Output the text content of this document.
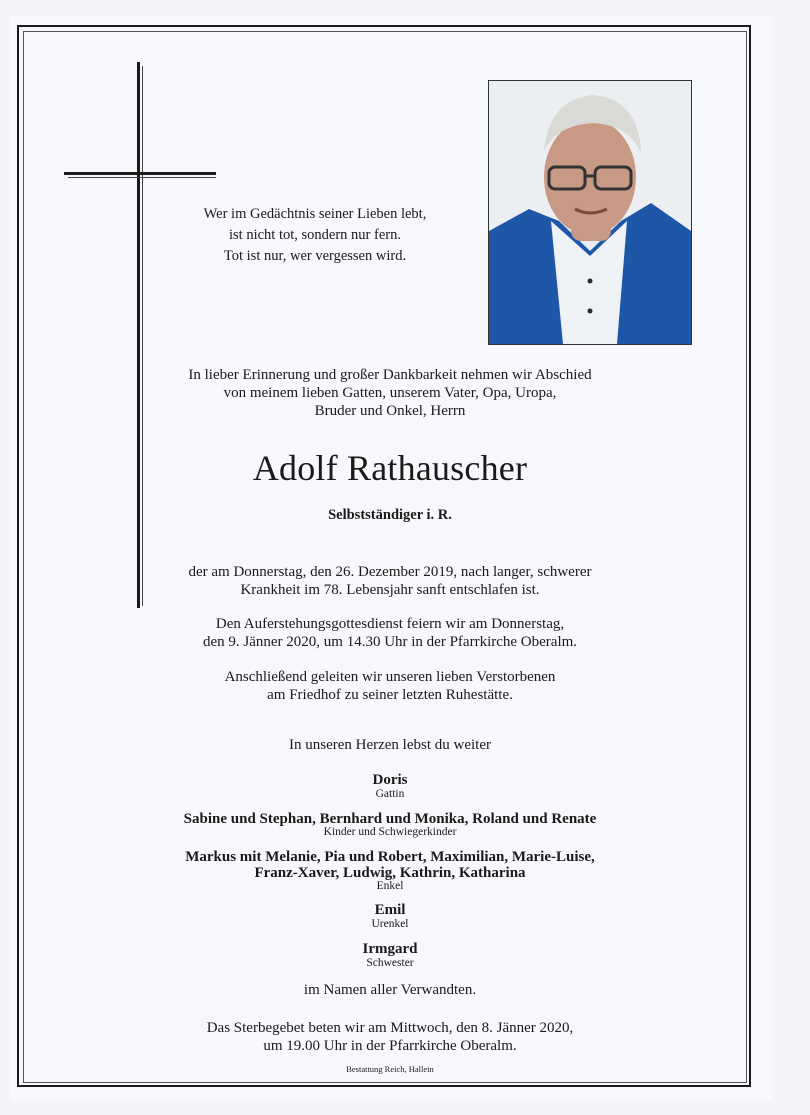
Wer im Gedächtnis seiner Lieben lebt,
ist nicht tot, sondern nur fern.
Tot ist nur, wer vergessen wird.
In lieber Erinnerung und großer Dankbarkeit nehmen wir Abschied
von meinem lieben Gatten, unserem Vater, Opa, Uropa,
Bruder und Onkel, Herrn
Adolf Rathauscher
Selbstständiger i. R.
der am Donnerstag, den 26. Dezember 2019, nach langer, schwerer
Krankheit im 78. Lebensjahr sanft entschlafen ist.
Den Auferstehungsgottesdienst feiern wir am Donnerstag,
den 9. Jänner 2020, um 14.30 Uhr in der Pfarrkirche Oberalm.
Anschließend geleiten wir unseren lieben Verstorbenen
am Friedhof zu seiner letzten Ruhestätte.
In unseren Herzen lebst du weiter
Doris
Gattin
Sabine und Stephan, Bernhard und Monika, Roland und Renate
Kinder und Schwiegerkinder
Markus mit Melanie, Pia und Robert, Maximilian, Marie-Luise,
Franz-Xaver, Ludwig, Kathrin, Katharina
Enkel
Emil
Urenkel
Irmgard
Schwester
im Namen aller Verwandten.
Das Sterbegebet beten wir am Mittwoch, den 8. Jänner 2020,
um 19.00 Uhr in der Pfarrkirche Oberalm.
Bestattung Reich, Hallein
